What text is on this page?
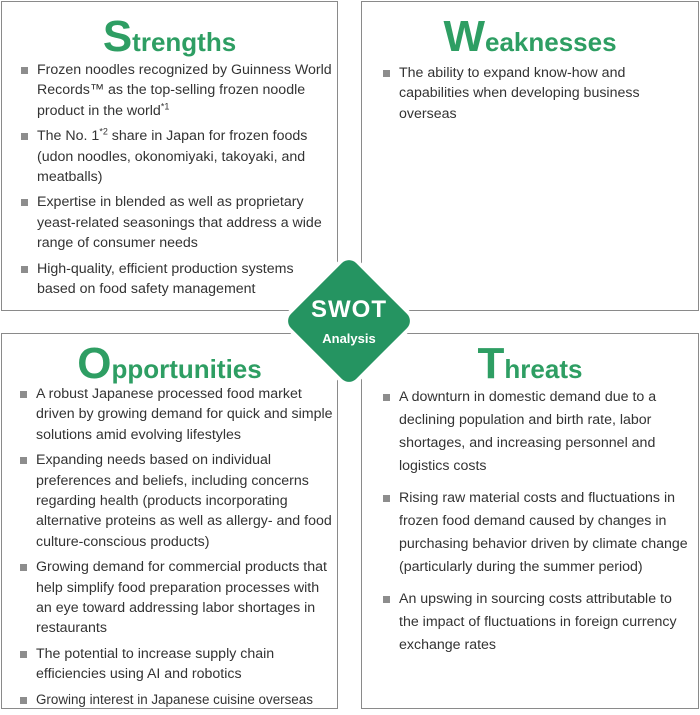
Strengths
Frozen noodles recognized by Guinness World Records™ as the top-selling frozen noodle product in the world$^{*1}$
The No. 1$^{*2}$ share in Japan for frozen foods (udon noodles, okonomiyaki, takoyaki, and meatballs)
Expertise in blended as well as proprietary yeast-related seasonings that address a wide range of consumer needs
High-quality, efficient production systems based on food safety management
Weaknesses
The ability to expand know-how and capabilities when developing business overseas
Opportunities
A robust Japanese processed food market driven by growing demand for quick and simple solutions amid evolving lifestyles
Expanding needs based on individual preferences and beliefs, including concerns regarding health (products incorporating alternative proteins as well as allergy- and food culture-conscious products)
Growing demand for commercial products that help simplify food preparation processes with an eye toward addressing labor shortages in restaurants
The potential to increase supply chain efficiencies using AI and robotics
Growing interest in Japanese cuisine overseas
Threats
A downturn in domestic demand due to a declining population and birth rate, labor shortages, and increasing personnel and logistics costs
Rising raw material costs and fluctuations in frozen food demand caused by changes in purchasing behavior driven by climate change (particularly during the summer period)
An upswing in sourcing costs attributable to the impact of fluctuations in foreign currency exchange rates
SWOT
Analysis
